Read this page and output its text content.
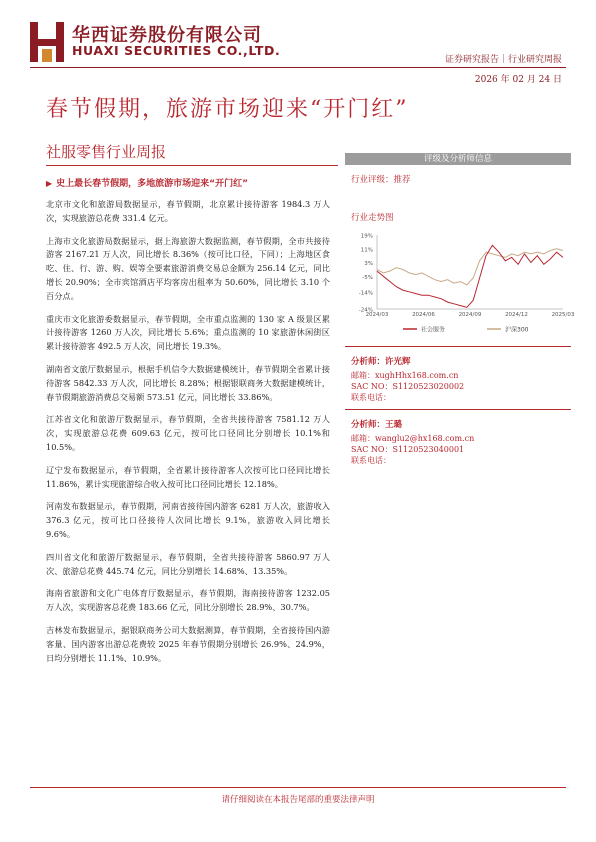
华西证券股份有限公司
HUAXI SECURITIES CO.,LTD.
证券研究报告｜行业研究周报
2026 年 02 月 24 日
春节假期，旅游市场迎来“开门红”
社服零售行业周报
▶ 史上最长春节假期，多地旅游市场迎来“开门红”

北京市文化和旅游局数据显示，春节假期，北京累计接待游客 1984.3 万人次，实现旅游总花费 331.4 亿元。

上海市文化旅游局数据显示，据上海旅游大数据监测，春节假期，全市共接待游客 2167.21 万人次，同比增长 8.36%（按可比口径，下同）；上海地区食吃、住、行、游、购、娱等全要素旅游消费交易总金额为 256.14 亿元，同比增长 20.90%；全市宾馆酒店平均客房出租率为 50.60%，同比增长 3.10 个百分点。

重庆市文化旅游委数据显示，春节假期，全市重点监测的 130 家 A 级景区累计接待游客 1260 万人次，同比增长 5.6%；重点监测的 10 家旅游休闲街区累计接待游客 492.5 万人次，同比增长 19.3%。

湖南省文旅厅数据显示，根据手机信令大数据建模统计，春节假期全省累计接待游客 5842.33 万人次，同比增长 8.28%；根据银联商务大数据建模统计，春节假期旅游消费总交易额 573.51 亿元，同比增长 33.86%。

江苏省文化和旅游厅数据显示，春节假期，全省共接待游客 7581.12 万人次，实现旅游总花费 609.63 亿元，按可比口径同比分别增长 10.1%和 10.5%。

辽宁发布数据显示，春节假期，全省累计接待游客人次按可比口径同比增长 11.86%，累计实现旅游综合收入按可比口径同比增长 12.18%。

河南发布数据显示，春节假期，河南省接待国内游客 6281 万人次，旅游收入 376.3 亿元，按可比口径接待人次同比增长 9.1%，旅游收入同比增长 9.6%。

四川省文化和旅游厅数据显示，春节假期，全省共接待游客 5860.97 万人次、旅游总花费 445.74 亿元，同比分别增长 14.68%、13.35%。

海南省旅游和文化广电体育厅数据显示，春节假期，海南接待游客 1232.05 万人次，实现游客总花费 183.66 亿元，同比分别增长 28.9%、30.7%。

吉林发布数据显示，据银联商务公司大数据测算，春节假期，全省接待国内游客量、国内游客出游总花费较 2025 年春节假期分别增长 26.9%、24.9%，日均分别增长 11.1%、10.9%。

评级及分析师信息
行业评级：推荐
行业走势图
19%
11%
3%
-5%
-14%
-24%
2024/03	2024/06	2024/09	2024/12	2025/03
社会服务	沪深300
分析师：许光辉
邮箱：xughHhx168.com.cn
SAC NO：S1120523020002
联系电话：
分析师：王璐
邮箱：wanglu2@hx168.com.cn
SAC NO：S1120523040001
联系电话：
请仔细阅读在本报告尾部的重要法律声明
